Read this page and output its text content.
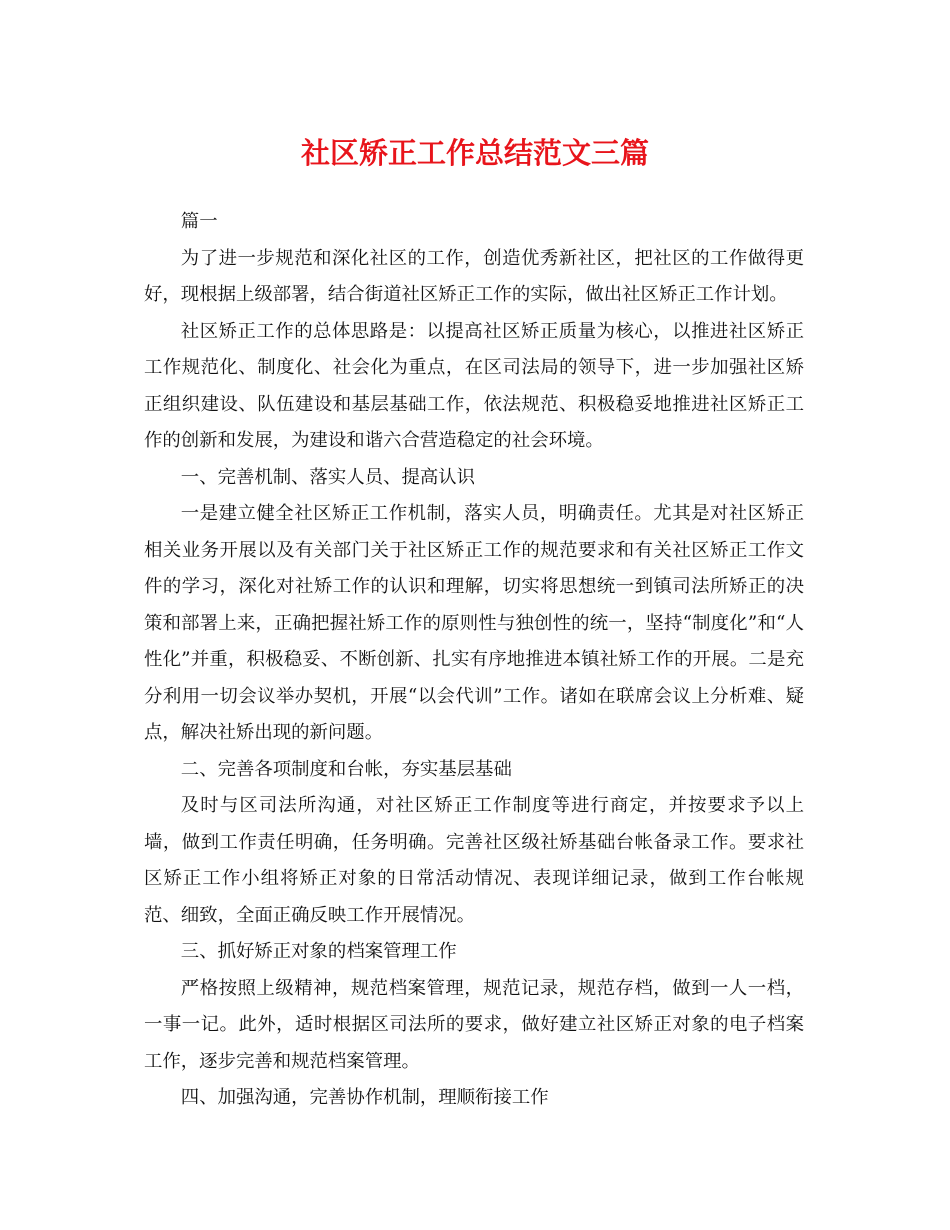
社区矫正工作总结范文三篇

篇一

为了进一步规范和深化社区的工作，创造优秀新社区，把社区的工作做得更好，现根据上级部署，结合街道社区矫正工作的实际，做出社区矫正工作计划。

社区矫正工作的总体思路是：以提高社区矫正质量为核心，以推进社区矫正工作规范化、制度化、社会化为重点，在区司法局的领导下，进一步加强社区矫正组织建设、队伍建设和基层基础工作，依法规范、积极稳妥地推进社区矫正工作的创新和发展，为建设和谐六合营造稳定的社会环境。

一、完善机制、落实人员、提高认识

一是建立健全社区矫正工作机制，落实人员，明确责任。尤其是对社区矫正相关业务开展以及有关部门关于社区矫正工作的规范要求和有关社区矫正工作文件的学习，深化对社矫工作的认识和理解，切实将思想统一到镇司法所矫正的决策和部署上来，正确把握社矫工作的原则性与独创性的统一，坚持“制度化”和“人性化”并重，积极稳妥、不断创新、扎实有序地推进本镇社矫工作的开展。二是充分利用一切会议举办契机，开展“以会代训”工作。诸如在联席会议上分析难、疑点，解决社矫出现的新问题。

二、完善各项制度和台帐，夯实基层基础

及时与区司法所沟通，对社区矫正工作制度等进行商定，并按要求予以上墙，做到工作责任明确，任务明确。完善社区级社矫基础台帐备录工作。要求社区矫正工作小组将矫正对象的日常活动情况、表现详细记录，做到工作台帐规范、细致，全面正确反映工作开展情况。

三、抓好矫正对象的档案管理工作

严格按照上级精神，规范档案管理，规范记录，规范存档，做到一人一档，一事一记。此外，适时根据区司法所的要求，做好建立社区矫正对象的电子档案工作，逐步完善和规范档案管理。

四、加强沟通，完善协作机制，理顺衔接工作
